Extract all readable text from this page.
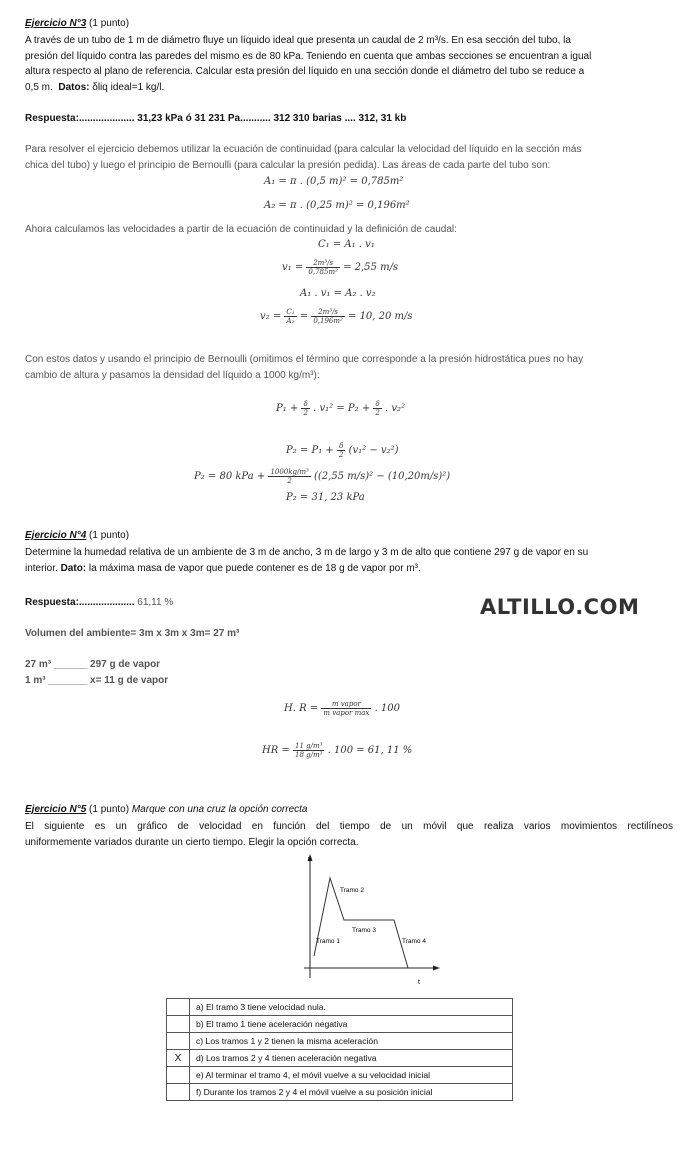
Ejercicio N°3 (1 punto)
A través de un tubo de 1 m de diámetro fluye un líquido ideal que presenta un caudal de 2 m³/s. En esa sección del tubo, la
presión del líquido contra las paredes del mismo es de 80 kPa. Teniendo en cuenta que ambas secciones se encuentran a igual
altura respecto al plano de referencia. Calcular esta presión del líquido en una sección donde el diámetro del tubo se reduce a
0,5 m. Datos: δliq ideal=1 kg/l.
Respuesta:.................... 31,23 kPa ó 31 231 Pa........... 312 310 barias .... 312, 31 kb
Para resolver el ejercicio debemos utilizar la ecuación de continuidad (para calcular la velocidad del líquido en la sección más
chica del tubo) y luego el principio de Bernoulli (para calcular la presión pedida). Las áreas de cada parte del tubo son:
A₁ = π . (0,5 m)² = 0,785m²
A₂ = π . (0,25 m)² = 0,196m²
Ahora calculamos las velocidades a partir de la ecuación de continuidad y la definición de caudal:
C₁ = A₁ . v₁
$v_1 = \frac{\text{2m³/s}}{\text{0,785m²}} = 2,55$ m/s
A₁ . v₁ = A₂ . v₂
$v_2 = \frac{\text{C₁}}{\text{A₂}} = \frac{\text{2m³/s}}{\text{0,196m²}} = 10$, 20 m/s
Con estos datos y usando el principio de Bernoulli (omitimos el término que corresponde a la presión hidrostática pues no hay
cambio de altura y pasamos la densidad del líquido a 1000 kg/m³):
$P_1 + \frac{\delta}{2}$ . $v_1^2 = P_2 + \frac{\delta}{2}$ . v₂²
$P_2 = P_1 + \frac{\delta}{2} (v_1^2 - v_2^2)$
P₂ = 80 kPa + $\frac{\text{1000kg/m³}}{2} ((2,55$ m/s)² − (10,20m/s)²)
P₂ = 31, 23 kPa
Ejercicio N°4 (1 punto)
Determine la humedad relativa de un ambiente de 3 m de ancho, 3 m de largo y 3 m de alto que contiene 297 g de vapor en su
interior. Dato: la máxima masa de vapor que puede contener es de 18 g de vapor por m³.
Respuesta:.................... 61,11 %	ALTILLO.COM
Volumen del ambiente= 3m x 3m x 3m= 27 m³
27 m³ ______ 297 g de vapor
1 m³ _______ x= 11 g de vapor
H. $R = \frac{\text{m vapor}}{\text{m vapor max}}$ . 100
HR = $\frac{\text{11 g/m³}}{\text{18 g/m³}}$ . 100 = 61, 11 %
Ejercicio N°5 (1 punto) Marque con una cruz la opción correcta
El siguiente es un gráfico de velocidad en función del tiempo de un móvil que realiza varios movimientos rectilíneos
uniformemente variados durante un cierto tiempo. Elegir la opción correcta.
v
t
Tramo 2
Tramo 3
Tramo 1	Tramo 4
	a) El tramo 3 tiene velocidad nula.
	b) El tramo 1 tiene aceleración negativa
	c) Los tramos 1 y 2 tienen la misma aceleración
X	d) Los tramos 2 y 4 tienen aceleración negativa
	e) Al terminar el tramo 4, el móvil vuelve a su velocidad inicial
	f) Durante los tramos 2 y 4 el móvil vuelve a su posición inicial
